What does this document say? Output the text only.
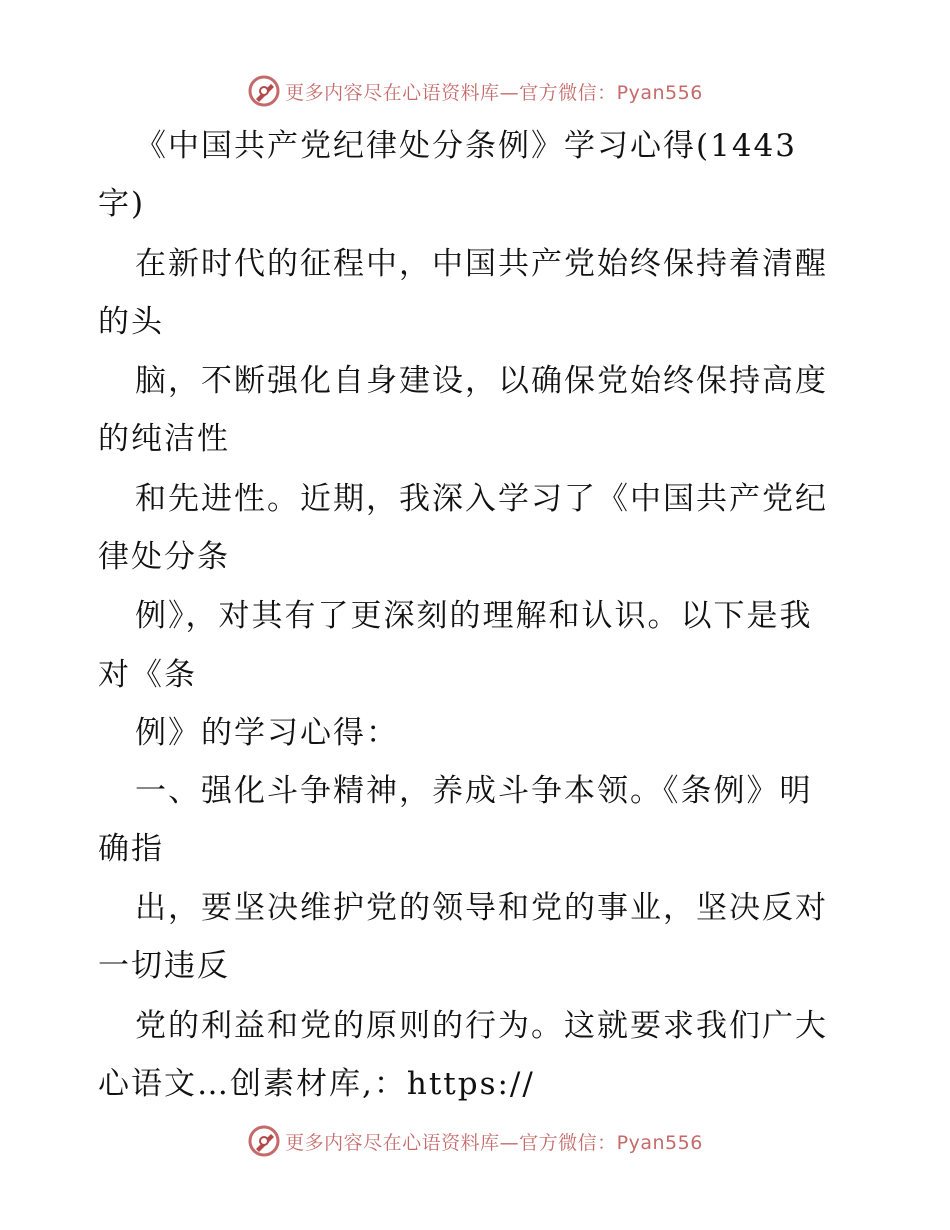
更多内容尽在心语资料库—官方微信：Pyan556
《中国共产党纪律处分条例》学习心得(1443
字)
在新时代的征程中，中国共产党始终保持着清醒
的头
脑，不断强化自身建设，以确保党始终保持高度
的纯洁性
和先进性。近期，我深入学习了《中国共产党纪
律处分条
例》，对其有了更深刻的理解和认识。以下是我
对《条
例》的学习心得：
一、强化斗争精神，养成斗争本领。《条例》明
确指
出，要坚决维护党的领导和党的事业，坚决反对
一切违反
党的利益和党的原则的行为。这就要求我们广大
心语文…创素材库,：https://
更多内容尽在心语资料库—官方微信：Pyan556
